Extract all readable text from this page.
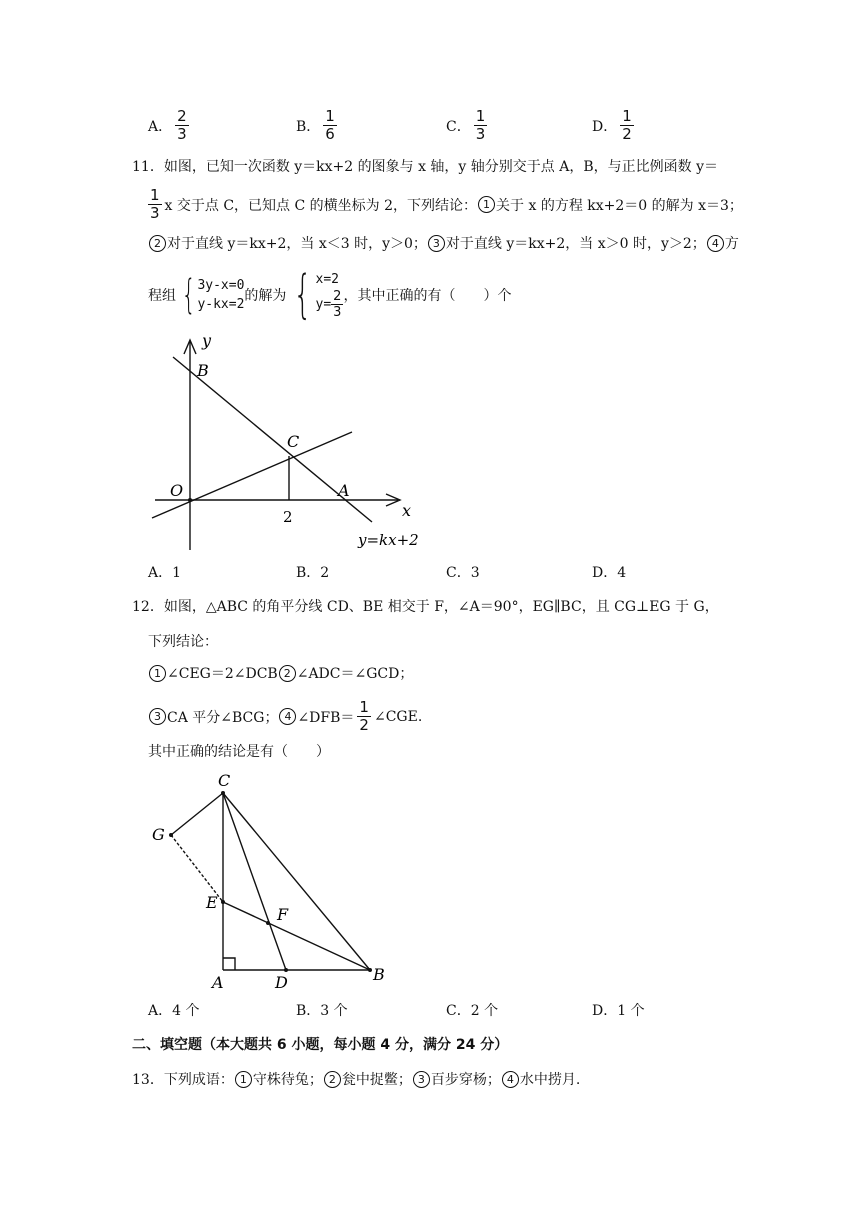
A． $\frac{2}{3}$	B． $\frac{1}{6}$	C． $\frac{1}{3}$	D． $\frac{1}{2}$
11．如图，已知一次函数 y＝kx+2 的图象与 x 轴，y 轴分别交于点 A，B，与正比例函数 y＝
$\frac{1}{3}$ x 交于点 C，已知点 C 的横坐标为 2，下列结论： 1 关于 x 的方程 kx+2＝0 的解为 x＝3；
2 对于直线 y＝kx+2，当 x＜3 时，y＞0； 3 对于直线 y＝kx+2，当 x＞0 时，y＞2； 4 方
程组 { 3y-x=0
y-kx=2
的解为 { x=2
$y= \frac{2}{3}$ ，其中正确的有（　　）个
y
x
B
C
O	A
2
y=kx+2
A．1	B．2	C．3	D．4
12．如图，△ABC 的角平分线 CD、BE 相交于 F，∠A＝90°，EG∥BC，且 CG⊥EG 于 G，
下列结论：
1 ∠CEG＝2∠DCB 2 ∠ADC＝∠GCD；
3 CA 平分∠BCG； 4 ∠DFB＝ $\frac{1}{2}$ ∠CGE.
其中正确的结论是有（　　）
C
G
E
F
A	D	B
A．4 个	B．3 个	C．2 个	D．1 个
二、填空题（本大题共 6 小题，每小题 4 分，满分 24 分）
13．下列成语： 1 守株待兔； 2 瓮中捉鳖； 3 百步穿杨； 4 水中捞月.
